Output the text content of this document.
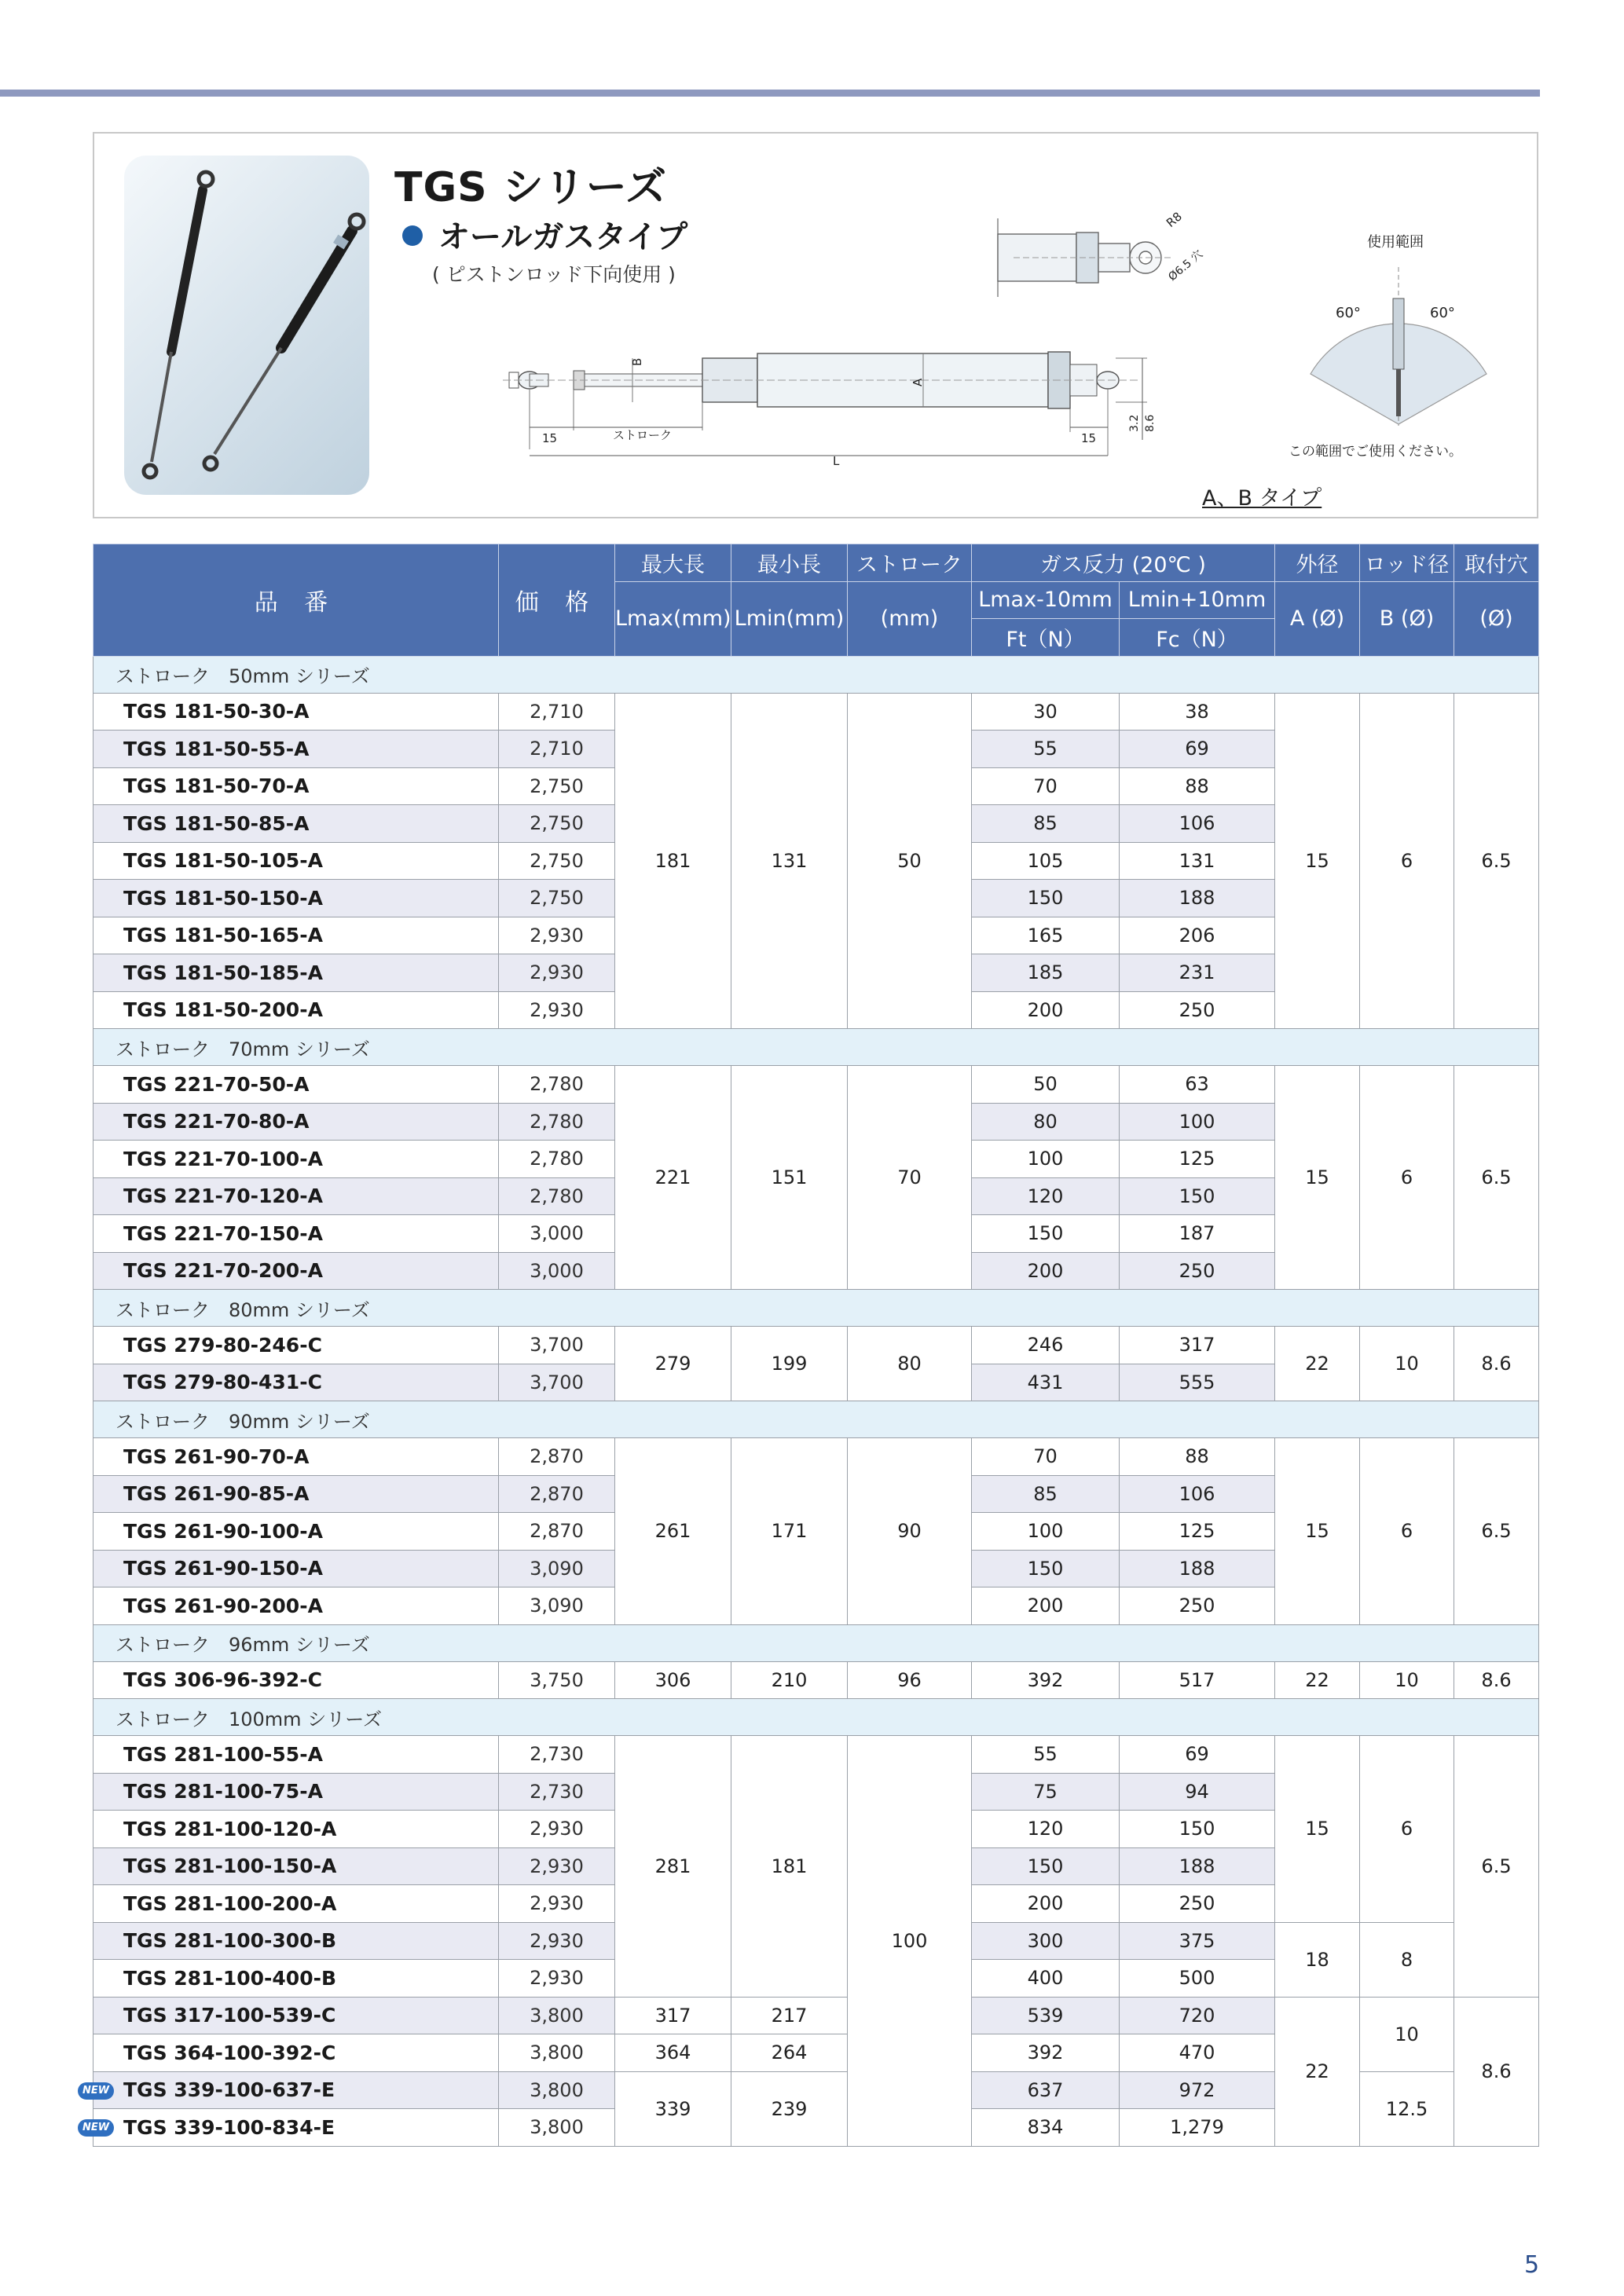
TGS シリーズ
オールガスタイプ
( ピストンロッド下向使用 )
R8
Ø6.5 穴
B
A
15	ストローク	15
L
3.2 8.6
使用範囲
60°	60°
この範囲でご使用ください。
A、B タイプ
品 番	価 格	最大長	最小長	ストローク	ガス反力 (20℃ )		外径	ロッド径	取付穴
		Lmax(mm)	Lmin(mm)	(mm)	Lmax-10mm	Lmin+10mm	A (Ø)	B (Ø)	(Ø)
					Ft（N）	Fc（N）			
ストローク　50mm シリーズ									
TGS 181-50-30-A	2,710	181	131	50	30	38	15	6	6.5
TGS 181-50-55-A	2,710				55	69			
TGS 181-50-70-A	2,750				70	88			
TGS 181-50-85-A	2,750				85	106			
TGS 181-50-105-A	2,750				105	131			
TGS 181-50-150-A	2,750				150	188			
TGS 181-50-165-A	2,930				165	206			
TGS 181-50-185-A	2,930				185	231			
TGS 181-50-200-A	2,930				200	250			
ストローク　70mm シリーズ									
TGS 221-70-50-A	2,780	221	151	70	50	63	15	6	6.5
TGS 221-70-80-A	2,780				80	100			
TGS 221-70-100-A	2,780				100	125			
TGS 221-70-120-A	2,780				120	150			
TGS 221-70-150-A	3,000				150	187			
TGS 221-70-200-A	3,000				200	250			
ストローク　80mm シリーズ									
TGS 279-80-246-C	3,700	279	199	80	246	317	22	10	8.6
TGS 279-80-431-C	3,700				431	555			
ストローク　90mm シリーズ									
TGS 261-90-70-A	2,870	261	171	90	70	88	15	6	6.5
TGS 261-90-85-A	2,870				85	106			
TGS 261-90-100-A	2,870				100	125			
TGS 261-90-150-A	3,090				150	188			
TGS 261-90-200-A	3,090				200	250			
ストローク　96mm シリーズ									
TGS 306-96-392-C	3,750	306	210	96	392	517	22	10	8.6
ストローク　100mm シリーズ									
TGS 281-100-55-A	2,730	281	181	100	55	69	15	6	6.5
TGS 281-100-75-A	2,730				75	94			
TGS 281-100-120-A	2,930				120	150			
TGS 281-100-150-A	2,930				150	188			
TGS 281-100-200-A	2,930				200	250			
TGS 281-100-300-B	2,930				300	375	18	8	
TGS 281-100-400-B	2,930				400	500			
TGS 317-100-539-C	3,800	317	217		539	720	22	10	8.6
TGS 364-100-392-C	3,800	364	264		392	470			

NEW TGS 339-100-637-E	3,800	339	239		637	972		12.5	

NEW TGS 339-100-834-E	3,800				834	1,279			
5
